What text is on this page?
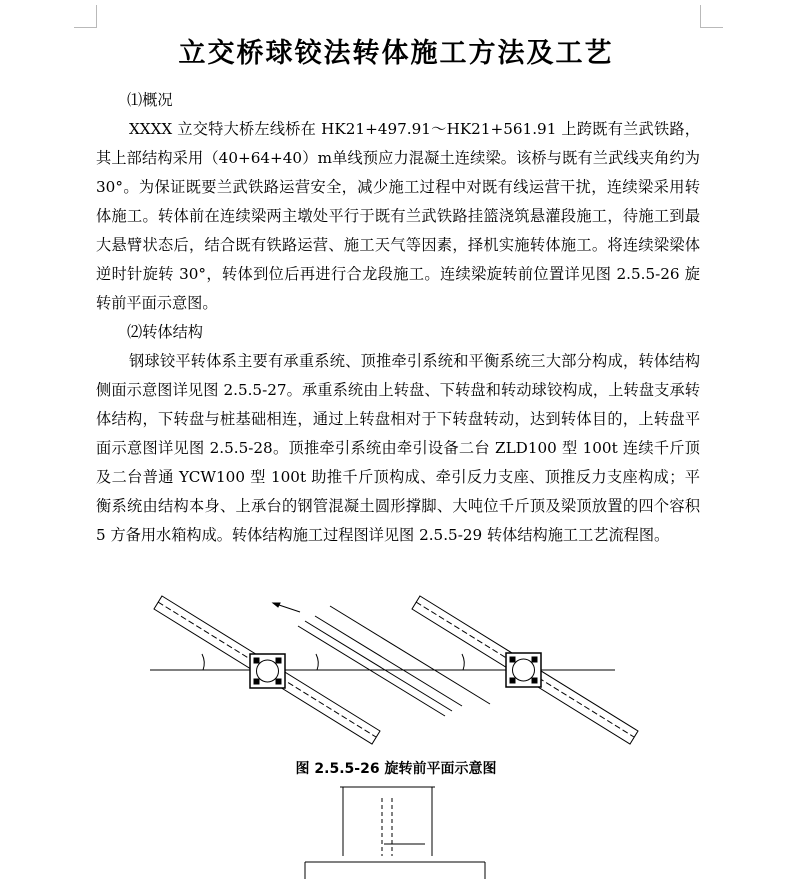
立交桥球铰法转体施工方法及工艺

⑴概况

XXXX 立交特大桥左线桥在 HK21+497.91～HK21+561.91 上跨既有兰武铁路，其上部结构采用（40+64+40）m单线预应力混凝土连续梁。该桥与既有兰武线夹角约为 30°。为保证既要兰武铁路运营安全，减少施工过程中对既有线运营干扰，连续梁采用转体施工。转体前在连续梁两主墩处平行于既有兰武铁路挂篮浇筑悬灌段施工，待施工到最大悬臂状态后，结合既有铁路运营、施工天气等因素，择机实施转体施工。将连续梁梁体逆时针旋转 30°，转体到位后再进行合龙段施工。连续梁旋转前位置详见图 2.5.5-26 旋转前平面示意图。

⑵转体结构

钢球铰平转体系主要有承重系统、顶推牵引系统和平衡系统三大部分构成，转体结构侧面示意图详见图 2.5.5-27。承重系统由上转盘、下转盘和转动球铰构成，上转盘支承转体结构，下转盘与桩基础相连，通过上转盘相对于下转盘转动，达到转体目的，上转盘平面示意图详见图 2.5.5-28。顶推牵引系统由牵引设备二台 ZLD100 型 100t 连续千斤顶及二台普通 YCW100 型 100t 助推千斤顶构成、牵引反力支座、顶推反力支座构成；平衡系统由结构本身、上承台的钢管混凝土圆形撑脚、大吨位千斤顶及梁顶放置的四个容积 5 方备用水箱构成。转体结构施工过程图详见图 2.5.5-29 转体结构施工工艺流程图。

图 2.5.5-26 旋转前平面示意图
